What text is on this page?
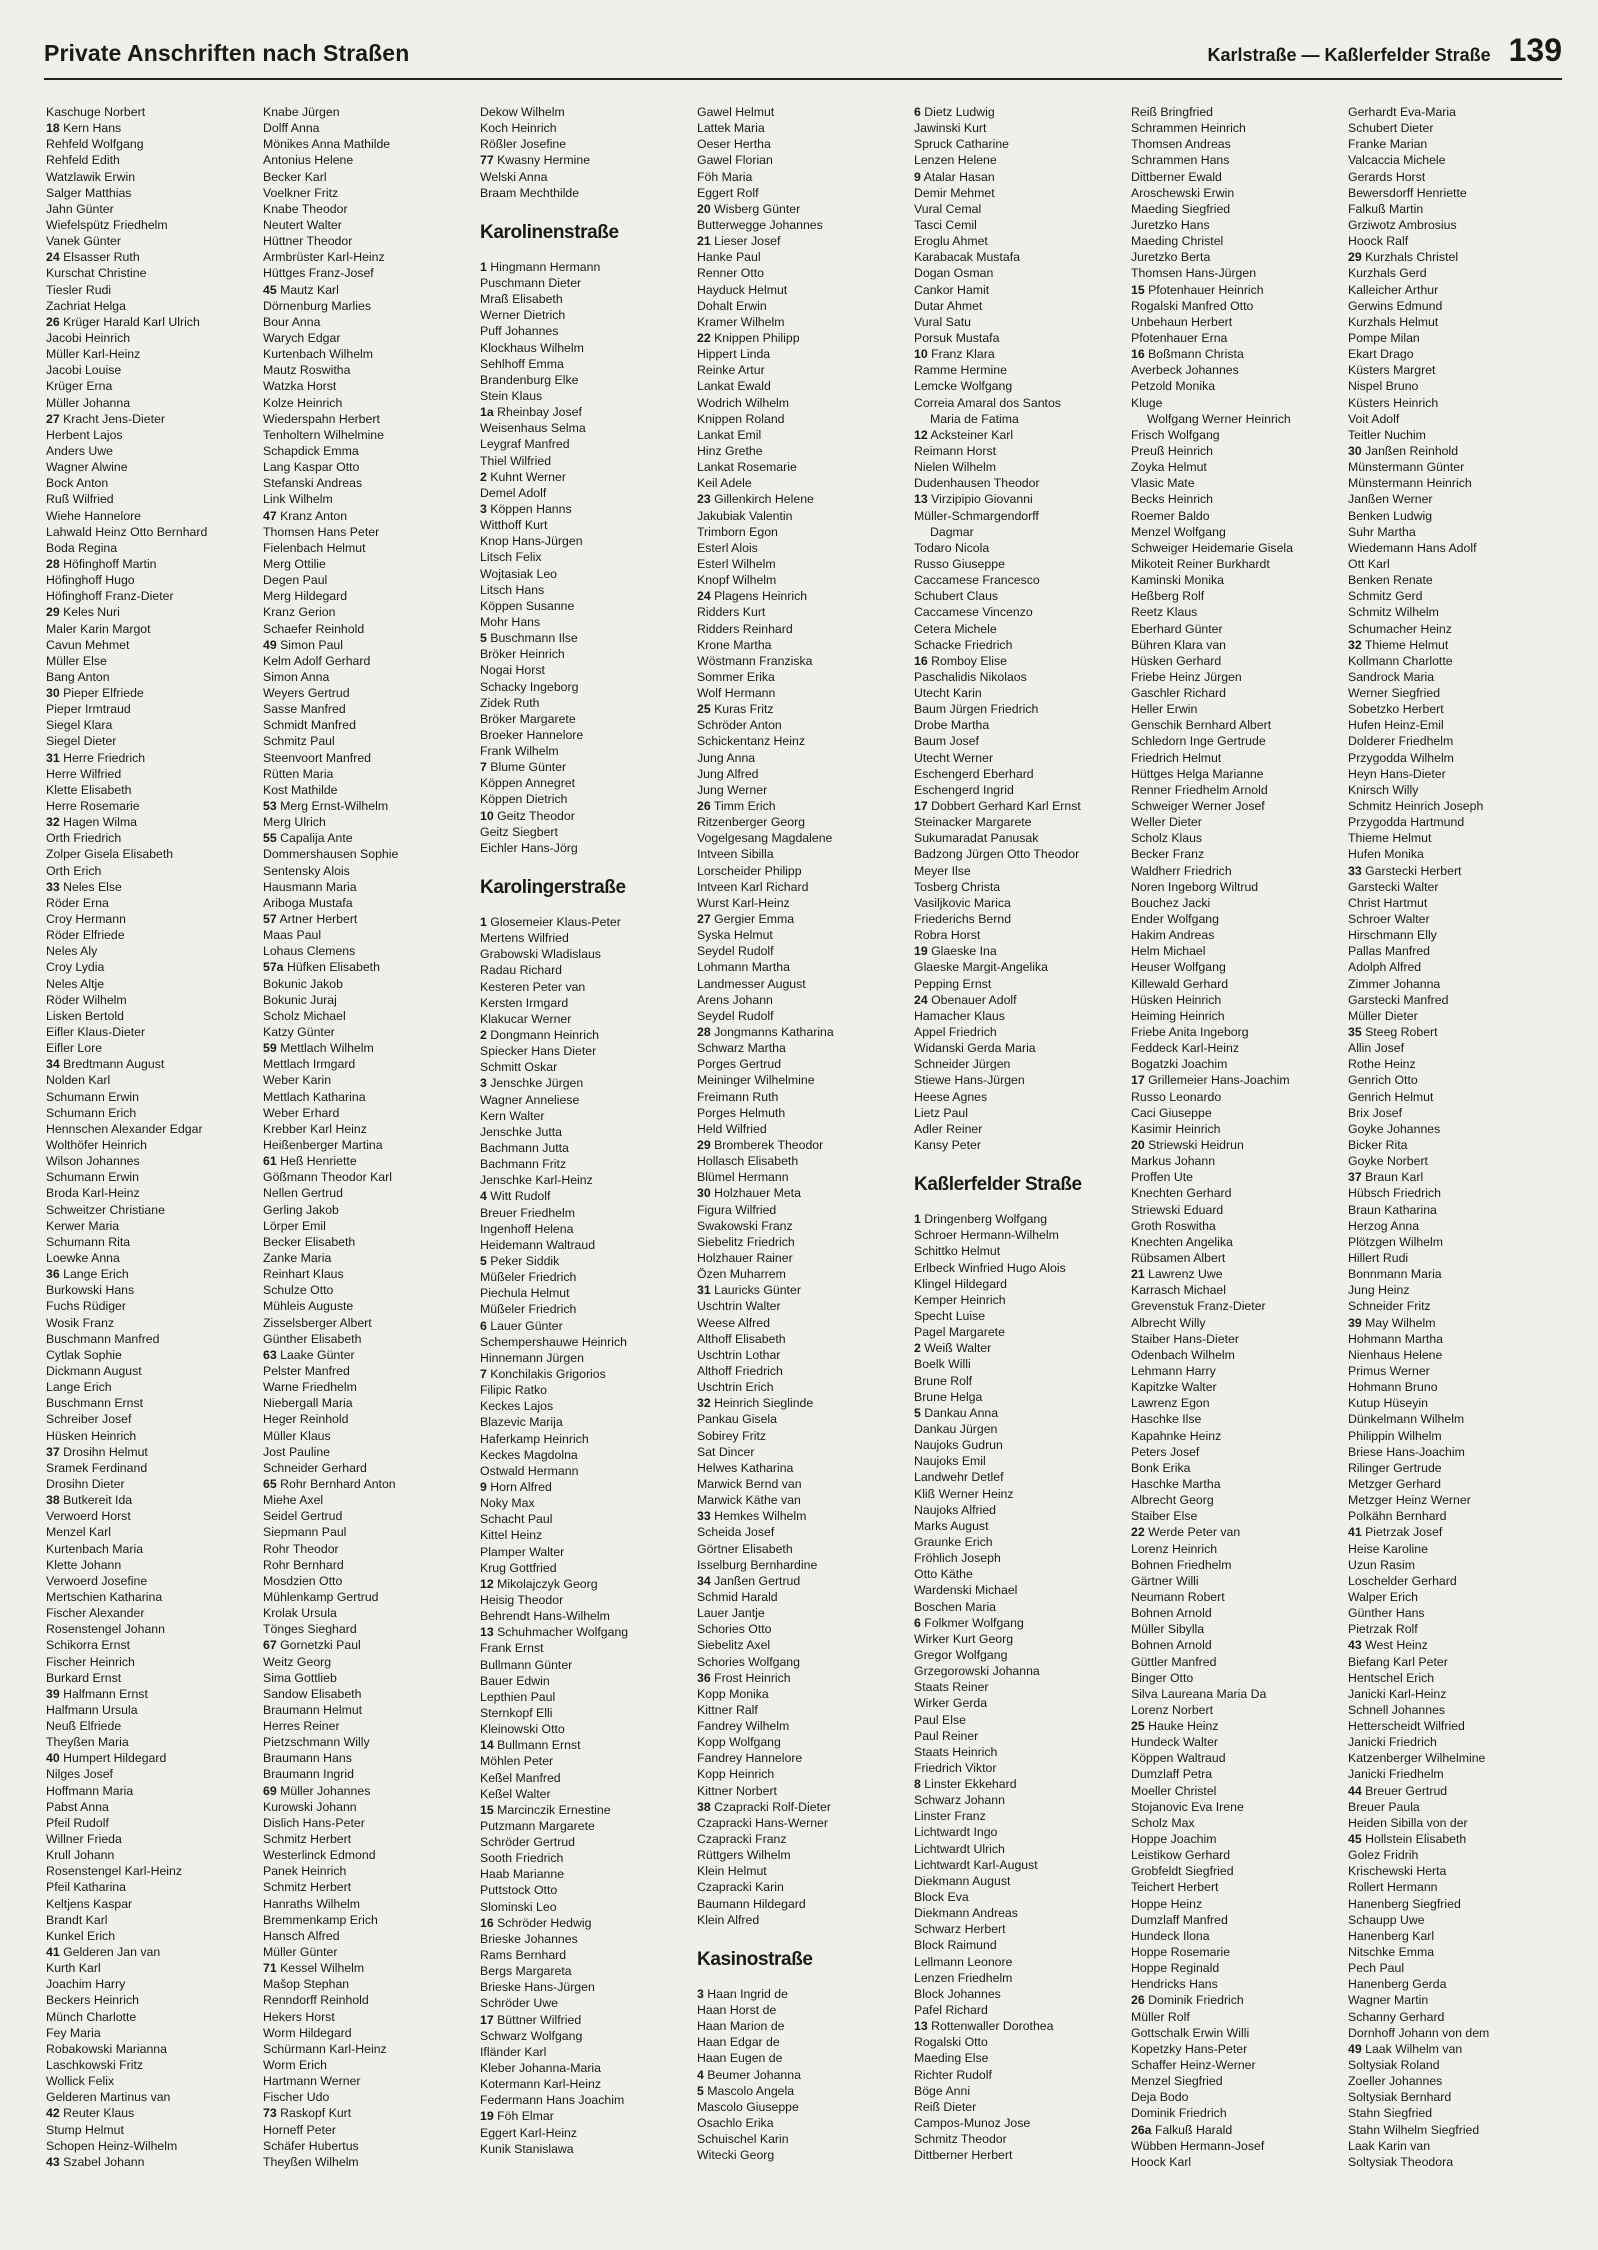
Private Anschriften nach Straßen	Karlstraße — Kaßlerfelder Straße 139
Kaschuge Norbert
18 Kern Hans
Rehfeld Wolfgang
Rehfeld Edith
Watzlawik Erwin
Salger Matthias
Jahn Günter
Wiefelspütz Friedhelm
Vanek Günter
24 Elsasser Ruth
Kurschat Christine
Tiesler Rudi
Zachriat Helga
26 Krüger Harald Karl Ulrich
Jacobi Heinrich
Müller Karl-Heinz
Jacobi Louise
Krüger Erna
Müller Johanna
27 Kracht Jens-Dieter
Herbent Lajos
Anders Uwe
Wagner Alwine
Bock Anton
Ruß Wilfried
Wiehe Hannelore
Lahwald Heinz Otto Bernhard
Boda Regina
28 Höfinghoff Martin
Höfinghoff Hugo
Höfinghoff Franz-Dieter
29 Keles Nuri
Maler Karin Margot
Cavun Mehmet
Müller Else
Bang Anton
30 Pieper Elfriede
Pieper Irmtraud
Siegel Klara
Siegel Dieter
31 Herre Friedrich
Herre Wilfried
Klette Elisabeth
Herre Rosemarie
32 Hagen Wilma
Orth Friedrich
Zolper Gisela Elisabeth
Orth Erich
33 Neles Else
Röder Erna
Croy Hermann
Röder Elfriede
Neles Aly
Croy Lydia
Neles Altje
Röder Wilhelm
Lisken Bertold
Eifler Klaus-Dieter
Eifler Lore
34 Bredtmann August
Nolden Karl
Schumann Erwin
Schumann Erich
Hennschen Alexander Edgar
Wolthöfer Heinrich
Wilson Johannes
Schumann Erwin
Broda Karl-Heinz
Schweitzer Christiane
Kerwer Maria
Schumann Rita
Loewke Anna
36 Lange Erich
Burkowski Hans
Fuchs Rüdiger
Wosik Franz
Buschmann Manfred
Cytlak Sophie
Dickmann August
Lange Erich
Buschmann Ernst
Schreiber Josef
Hüsken Heinrich
37 Drosihn Helmut
Sramek Ferdinand
Drosihn Dieter
38 Butkereit Ida
Verwoerd Horst
Menzel Karl
Kurtenbach Maria
Klette Johann
Verwoerd Josefine
Mertschien Katharina
Fischer Alexander
Rosenstengel Johann
Schikorra Ernst
Fischer Heinrich
Burkard Ernst
39 Halfmann Ernst
Halfmann Ursula
Neuß Elfriede
Theyßen Maria
40 Humpert Hildegard
Nilges Josef
Hoffmann Maria
Pabst Anna
Pfeil Rudolf
Willner Frieda
Krull Johann
Rosenstengel Karl-Heinz
Pfeil Katharina
Keltjens Kaspar
Brandt Karl
Kunkel Erich
41 Gelderen Jan van
Kurth Karl
Joachim Harry
Beckers Heinrich
Münch Charlotte
Fey Maria
Robakowski Marianna
Laschkowski Fritz
Wollick Felix
Gelderen Martinus van
42 Reuter Klaus
Stump Helmut
Schopen Heinz-Wilhelm
43 Szabel Johann
Knabe Jürgen
Dolff Anna
Mönikes Anna Mathilde
Antonius Helene
Becker Karl
Voelkner Fritz
Knabe Theodor
Neutert Walter
Hüttner Theodor
Armbrüster Karl-Heinz
Hüttges Franz-Josef
45 Mautz Karl
Dörnenburg Marlies
Bour Anna
Warych Edgar
Kurtenbach Wilhelm
Mautz Roswitha
Watzka Horst
Kolze Heinrich
Wiederspahn Herbert
Tenholtern Wilhelmine
Schapdick Emma
Lang Kaspar Otto
Stefanski Andreas
Link Wilhelm
47 Kranz Anton
Thomsen Hans Peter
Fielenbach Helmut
Merg Ottilie
Degen Paul
Merg Hildegard
Kranz Gerion
Schaefer Reinhold
49 Simon Paul
Kelm Adolf Gerhard
Simon Anna
Weyers Gertrud
Sasse Manfred
Schmidt Manfred
Schmitz Paul
Steenvoort Manfred
Rütten Maria
Kost Mathilde
53 Merg Ernst-Wilhelm
Merg Ulrich
55 Capalija Ante
Dommershausen Sophie
Sentensky Alois
Hausmann Maria
Ariboga Mustafa
57 Artner Herbert
Maas Paul
Lohaus Clemens
57a Hüfken Elisabeth
Bokunic Jakob
Bokunic Juraj
Scholz Michael
Katzy Günter
59 Mettlach Wilhelm
Mettlach Irmgard
Weber Karin
Mettlach Katharina
Weber Erhard
Krebber Karl Heinz
Heißenberger Martina
61 Heß Henriette
Gößmann Theodor Karl
Nellen Gertrud
Gerling Jakob
Lörper Emil
Becker Elisabeth
Zanke Maria
Reinhart Klaus
Schulze Otto
Mühleis Auguste
Zisselsberger Albert
Günther Elisabeth
63 Laake Günter
Pelster Manfred
Warne Friedhelm
Niebergall Maria
Heger Reinhold
Müller Klaus
Jost Pauline
Schneider Gerhard
65 Rohr Bernhard Anton
Miehe Axel
Seidel Gertrud
Siepmann Paul
Rohr Theodor
Rohr Bernhard
Mosdzien Otto
Mühlenkamp Gertrud
Krolak Ursula
Tönges Sieghard
67 Gornetzki Paul
Weitz Georg
Sima Gottlieb
Sandow Elisabeth
Braumann Helmut
Herres Reiner
Pietzschmann Willy
Braumann Hans
Braumann Ingrid
69 Müller Johannes
Kurowski Johann
Dislich Hans-Peter
Schmitz Herbert
Westerlinck Edmond
Panek Heinrich
Schmitz Herbert
Hanraths Wilhelm
Bremmenkamp Erich
Hansch Alfred
Müller Günter
71 Kessel Wilhelm
Mašop Stephan
Renndorff Reinhold
Hekers Horst
Worm Hildegard
Schürmann Karl-Heinz
Worm Erich
Hartmann Werner
Fischer Udo
73 Raskopf Kurt
Horneff Peter
Schäfer Hubertus
Theyßen Wilhelm
Dekow Wilhelm
Koch Heinrich
Rößler Josefine
77 Kwasny Hermine
Welski Anna
Braam Mechthilde
Karolinenstraße
1 Hingmann Hermann
Puschmann Dieter
Mraß Elisabeth
Werner Dietrich
Puff Johannes
Klockhaus Wilhelm
Sehlhoff Emma
Brandenburg Elke
Stein Klaus
1a Rheinbay Josef
Weisenhaus Selma
Leygraf Manfred
Thiel Wilfried
2 Kuhnt Werner
Demel Adolf
3 Köppen Hanns
Witthoff Kurt
Knop Hans-Jürgen
Litsch Felix
Wojtasiak Leo
Litsch Hans
Köppen Susanne
Mohr Hans
5 Buschmann Ilse
Bröker Heinrich
Nogai Horst
Schacky Ingeborg
Zidek Ruth
Bröker Margarete
Broeker Hannelore
Frank Wilhelm
7 Blume Günter
Köppen Annegret
Köppen Dietrich
10 Geitz Theodor
Geitz Siegbert
Eichler Hans-Jörg
Karolingerstraße
1 Glosemeier Klaus-Peter
Mertens Wilfried
Grabowski Wladislaus
Radau Richard
Kesteren Peter van
Kersten Irmgard
Klakucar Werner
2 Dongmann Heinrich
Spiecker Hans Dieter
Schmitt Oskar
3 Jenschke Jürgen
Wagner Anneliese
Kern Walter
Jenschke Jutta
Bachmann Jutta
Bachmann Fritz
Jenschke Karl-Heinz
4 Witt Rudolf
Breuer Friedhelm
Ingenhoff Helena
Heidemann Waltraud
5 Peker Siddik
Müßeler Friedrich
Piechula Helmut
Müßeler Friedrich
6 Lauer Günter
Schempershauwe Heinrich
Hinnemann Jürgen
7 Konchilakis Grigorios
Filipic Ratko
Keckes Lajos
Blazevic Marija
Haferkamp Heinrich
Keckes Magdolna
Ostwald Hermann
9 Horn Alfred
Noky Max
Schacht Paul
Kittel Heinz
Plamper Walter
Krug Gottfried
12 Mikolajczyk Georg
Heisig Theodor
Behrendt Hans-Wilhelm
13 Schuhmacher Wolfgang
Frank Ernst
Bullmann Günter
Bauer Edwin
Lepthien Paul
Sternkopf Elli
Kleinowski Otto
14 Bullmann Ernst
Möhlen Peter
Keßel Manfred
Keßel Walter
15 Marcinczik Ernestine
Putzmann Margarete
Schröder Gertrud
Sooth Friedrich
Haab Marianne
Puttstock Otto
Slominski Leo
16 Schröder Hedwig
Brieske Johannes
Rams Bernhard
Bergs Margareta
Brieske Hans-Jürgen
Schröder Uwe
17 Büttner Wilfried
Schwarz Wolfgang
Ifländer Karl
Kleber Johanna-Maria
Kotermann Karl-Heinz
Federmann Hans Joachim
19 Föh Elmar
Eggert Karl-Heinz
Kunik Stanislawa
Gawel Helmut
Lattek Maria
Oeser Hertha
Gawel Florian
Föh Maria
Eggert Rolf
20 Wisberg Günter
Butterwegge Johannes
21 Lieser Josef
Hanke Paul
Renner Otto
Hayduck Helmut
Dohalt Erwin
Kramer Wilhelm
22 Knippen Philipp
Hippert Linda
Reinke Artur
Lankat Ewald
Wodrich Wilhelm
Knippen Roland
Lankat Emil
Hinz Grethe
Lankat Rosemarie
Keil Adele
23 Gillenkirch Helene
Jakubiak Valentin
Trimborn Egon
Esterl Alois
Esterl Wilhelm
Knopf Wilhelm
24 Plagens Heinrich
Ridders Kurt
Ridders Reinhard
Krone Martha
Wöstmann Franziska
Sommer Erika
Wolf Hermann
25 Kuras Fritz
Schröder Anton
Schickentanz Heinz
Jung Anna
Jung Alfred
Jung Werner
26 Timm Erich
Ritzenberger Georg
Vogelgesang Magdalene
Intveen Sibilla
Lorscheider Philipp
Intveen Karl Richard
Wurst Karl-Heinz
27 Gergier Emma
Syska Helmut
Seydel Rudolf
Lohmann Martha
Landmesser August
Arens Johann
Seydel Rudolf
28 Jongmanns Katharina
Schwarz Martha
Porges Gertrud
Meininger Wilhelmine
Freimann Ruth
Porges Helmuth
Held Wilfried
29 Bromberek Theodor
Hollasch Elisabeth
Blümel Hermann
30 Holzhauer Meta
Figura Wilfried
Swakowski Franz
Siebelitz Friedrich
Holzhauer Rainer
Özen Muharrem
31 Lauricks Günter
Uschtrin Walter
Weese Alfred
Althoff Elisabeth
Uschtrin Lothar
Althoff Friedrich
Uschtrin Erich
32 Heinrich Sieglinde
Pankau Gisela
Sobirey Fritz
Sat Dincer
Helwes Katharina
Marwick Bernd van
Marwick Käthe van
33 Hemkes Wilhelm
Scheida Josef
Görtner Elisabeth
Isselburg Bernhardine
34 Janßen Gertrud
Schmid Harald
Lauer Jantje
Schories Otto
Siebelitz Axel
Schories Wolfgang
36 Frost Heinrich
Kopp Monika
Kittner Ralf
Fandrey Wilhelm
Kopp Wolfgang
Fandrey Hannelore
Kopp Heinrich
Kittner Norbert
38 Czapracki Rolf-Dieter
Czapracki Hans-Werner
Czapracki Franz
Rüttgers Wilhelm
Klein Helmut
Czapracki Karin
Baumann Hildegard
Klein Alfred
Kasinostraße
3 Haan Ingrid de
Haan Horst de
Haan Marion de
Haan Edgar de
Haan Eugen de
4 Beumer Johanna
5 Mascolo Angela
Mascolo Giuseppe
Osachlo Erika
Schuischel Karin
Witecki Georg
6 Dietz Ludwig
Jawinski Kurt
Spruck Catharine
Lenzen Helene
9 Atalar Hasan
Demir Mehmet
Vural Cemal
Tasci Cemil
Eroglu Ahmet
Karabacak Mustafa
Dogan Osman
Cankor Hamit
Dutar Ahmet
Vural Satu
Porsuk Mustafa
10 Franz Klara
Ramme Hermine
Lemcke Wolfgang
Correia Amaral dos Santos
Maria de Fatima
12 Acksteiner Karl
Reimann Horst
Nielen Wilhelm
Dudenhausen Theodor
13 Virzipipio Giovanni
Müller-Schmargendorff
Dagmar
Todaro Nicola
Russo Giuseppe
Caccamese Francesco
Schubert Claus
Caccamese Vincenzo
Cetera Michele
Schacke Friedrich
16 Romboy Elise
Paschalidis Nikolaos
Utecht Karin
Baum Jürgen Friedrich
Drobe Martha
Baum Josef
Utecht Werner
Eschengerd Eberhard
Eschengerd Ingrid
17 Dobbert Gerhard Karl Ernst
Steinacker Margarete
Sukumaradat Panusak
Badzong Jürgen Otto Theodor
Meyer Ilse
Tosberg Christa
Vasiljkovic Marica
Friederichs Bernd
Robra Horst
19 Glaeske Ina
Glaeske Margit-Angelika
Pepping Ernst
24 Obenauer Adolf
Hamacher Klaus
Appel Friedrich
Widanski Gerda Maria
Schneider Jürgen
Stiewe Hans-Jürgen
Heese Agnes
Lietz Paul
Adler Reiner
Kansy Peter
Kaßlerfelder Straße
1 Dringenberg Wolfgang
Schroer Hermann-Wilhelm
Schittko Helmut
Erlbeck Winfried Hugo Alois
Klingel Hildegard
Kemper Heinrich
Specht Luise
Pagel Margarete
2 Weiß Walter
Boelk Willi
Brune Rolf
Brune Helga
5 Dankau Anna
Dankau Jürgen
Naujoks Gudrun
Naujoks Emil
Landwehr Detlef
Kliß Werner Heinz
Naujoks Alfried
Marks August
Graunke Erich
Fröhlich Joseph
Otto Käthe
Wardenski Michael
Boschen Maria
6 Folkmer Wolfgang
Wirker Kurt Georg
Gregor Wolfgang
Grzegorowski Johanna
Staats Reiner
Wirker Gerda
Paul Else
Paul Reiner
Staats Heinrich
Friedrich Viktor
8 Linster Ekkehard
Schwarz Johann
Linster Franz
Lichtwardt Ingo
Lichtwardt Ulrich
Lichtwardt Karl-August
Diekmann August
Block Eva
Diekmann Andreas
Schwarz Herbert
Block Raimund
Lellmann Leonore
Lenzen Friedhelm
Block Johannes
Pafel Richard
13 Rottenwaller Dorothea
Rogalski Otto
Maeding Else
Richter Rudolf
Böge Anni
Reiß Dieter
Campos-Munoz Jose
Schmitz Theodor
Dittberner Herbert
Reiß Bringfried
Schrammen Heinrich
Thomsen Andreas
Schrammen Hans
Dittberner Ewald
Aroschewski Erwin
Maeding Siegfried
Juretzko Hans
Maeding Christel
Juretzko Berta
Thomsen Hans-Jürgen
15 Pfotenhauer Heinrich
Rogalski Manfred Otto
Unbehaun Herbert
Pfotenhauer Erna
16 Boßmann Christa
Averbeck Johannes
Petzold Monika
Kluge
Wolfgang Werner Heinrich
Frisch Wolfgang
Preuß Heinrich
Zoyka Helmut
Vlasic Mate
Becks Heinrich
Roemer Baldo
Menzel Wolfgang
Schweiger Heidemarie Gisela
Mikoteit Reiner Burkhardt
Kaminski Monika
Heßberg Rolf
Reetz Klaus
Eberhard Günter
Bühren Klara van
Hüsken Gerhard
Friebe Heinz Jürgen
Gaschler Richard
Heller Erwin
Genschik Bernhard Albert
Schledorn Inge Gertrude
Friedrich Helmut
Hüttges Helga Marianne
Renner Friedhelm Arnold
Schweiger Werner Josef
Weller Dieter
Scholz Klaus
Becker Franz
Waldherr Friedrich
Noren Ingeborg Wiltrud
Bouchez Jacki
Ender Wolfgang
Hakim Andreas
Helm Michael
Heuser Wolfgang
Killewald Gerhard
Hüsken Heinrich
Heiming Heinrich
Friebe Anita Ingeborg
Feddeck Karl-Heinz
Bogatzki Joachim
17 Grillemeier Hans-Joachim
Russo Leonardo
Caci Giuseppe
Kasimir Heinrich
20 Striewski Heidrun
Markus Johann
Proffen Ute
Knechten Gerhard
Striewski Eduard
Groth Roswitha
Knechten Angelika
Rübsamen Albert
21 Lawrenz Uwe
Karrasch Michael
Grevenstuk Franz-Dieter
Albrecht Willy
Staiber Hans-Dieter
Odenbach Wilhelm
Lehmann Harry
Kapitzke Walter
Lawrenz Egon
Haschke Ilse
Kapahnke Heinz
Peters Josef
Bonk Erika
Haschke Martha
Albrecht Georg
Staiber Else
22 Werde Peter van
Lorenz Heinrich
Bohnen Friedhelm
Gärtner Willi
Neumann Robert
Bohnen Arnold
Müller Sibylla
Bohnen Arnold
Güttler Manfred
Binger Otto
Silva Laureana Maria Da
Lorenz Norbert
25 Hauke Heinz
Hundeck Walter
Köppen Waltraud
Dumzlaff Petra
Moeller Christel
Stojanovic Eva Irene
Scholz Max
Hoppe Joachim
Leistikow Gerhard
Grobfeldt Siegfried
Teichert Herbert
Hoppe Heinz
Dumzlaff Manfred
Hundeck Ilona
Hoppe Rosemarie
Hoppe Reginald
Hendricks Hans
26 Dominik Friedrich
Müller Rolf
Gottschalk Erwin Willi
Kopetzky Hans-Peter
Schaffer Heinz-Werner
Menzel Siegfried
Deja Bodo
Dominik Friedrich
26a Falkuß Harald
Wübben Hermann-Josef
Hoock Karl
Gerhardt Eva-Maria
Schubert Dieter
Franke Marian
Valcaccia Michele
Gerards Horst
Bewersdorff Henriette
Falkuß Martin
Grziwotz Ambrosius
Hoock Ralf
29 Kurzhals Christel
Kurzhals Gerd
Kalleicher Arthur
Gerwins Edmund
Kurzhals Helmut
Pompe Milan
Ekart Drago
Küsters Margret
Nispel Bruno
Küsters Heinrich
Voit Adolf
Teitler Nuchim
30 Janßen Reinhold
Münstermann Günter
Münstermann Heinrich
Janßen Werner
Benken Ludwig
Suhr Martha
Wiedemann Hans Adolf
Ott Karl
Benken Renate
Schmitz Gerd
Schmitz Wilhelm
Schumacher Heinz
32 Thieme Helmut
Kollmann Charlotte
Sandrock Maria
Werner Siegfried
Sobetzko Herbert
Hufen Heinz-Emil
Dolderer Friedhelm
Przygodda Wilhelm
Heyn Hans-Dieter
Knirsch Willy
Schmitz Heinrich Joseph
Przygodda Hartmund
Thieme Helmut
Hufen Monika
33 Garstecki Herbert
Garstecki Walter
Christ Hartmut
Schroer Walter
Hirschmann Elly
Pallas Manfred
Adolph Alfred
Zimmer Johanna
Garstecki Manfred
Müller Dieter
35 Steeg Robert
Allin Josef
Rothe Heinz
Genrich Otto
Genrich Helmut
Brix Josef
Goyke Johannes
Bicker Rita
Goyke Norbert
37 Braun Karl
Hübsch Friedrich
Braun Katharina
Herzog Anna
Plötzgen Wilhelm
Hillert Rudi
Bonnmann Maria
Jung Heinz
Schneider Fritz
39 May Wilhelm
Hohmann Martha
Nienhaus Helene
Primus Werner
Hohmann Bruno
Kutup Hüseyin
Dünkelmann Wilhelm
Philippin Wilhelm
Briese Hans-Joachim
Rilinger Gertrude
Metzger Gerhard
Metzger Heinz Werner
Polkähn Bernhard
41 Pietrzak Josef
Heise Karoline
Uzun Rasim
Loschelder Gerhard
Walper Erich
Günther Hans
Pietrzak Rolf
43 West Heinz
Biefang Karl Peter
Hentschel Erich
Janicki Karl-Heinz
Schnell Johannes
Hetterscheidt Wilfried
Janicki Friedrich
Katzenberger Wilhelmine
Janicki Friedhelm
44 Breuer Gertrud
Breuer Paula
Heiden Sibilla von der
45 Hollstein Elisabeth
Golez Fridrih
Krischewski Herta
Rollert Hermann
Hanenberg Siegfried
Schaupp Uwe
Hanenberg Karl
Nitschke Emma
Pech Paul
Hanenberg Gerda
Wagner Martin
Schanny Gerhard
Dornhoff Johann von dem
49 Laak Wilhelm van
Soltysiak Roland
Zoeller Johannes
Soltysiak Bernhard
Stahn Siegfried
Stahn Wilhelm Siegfried
Laak Karin van
Soltysiak Theodora
